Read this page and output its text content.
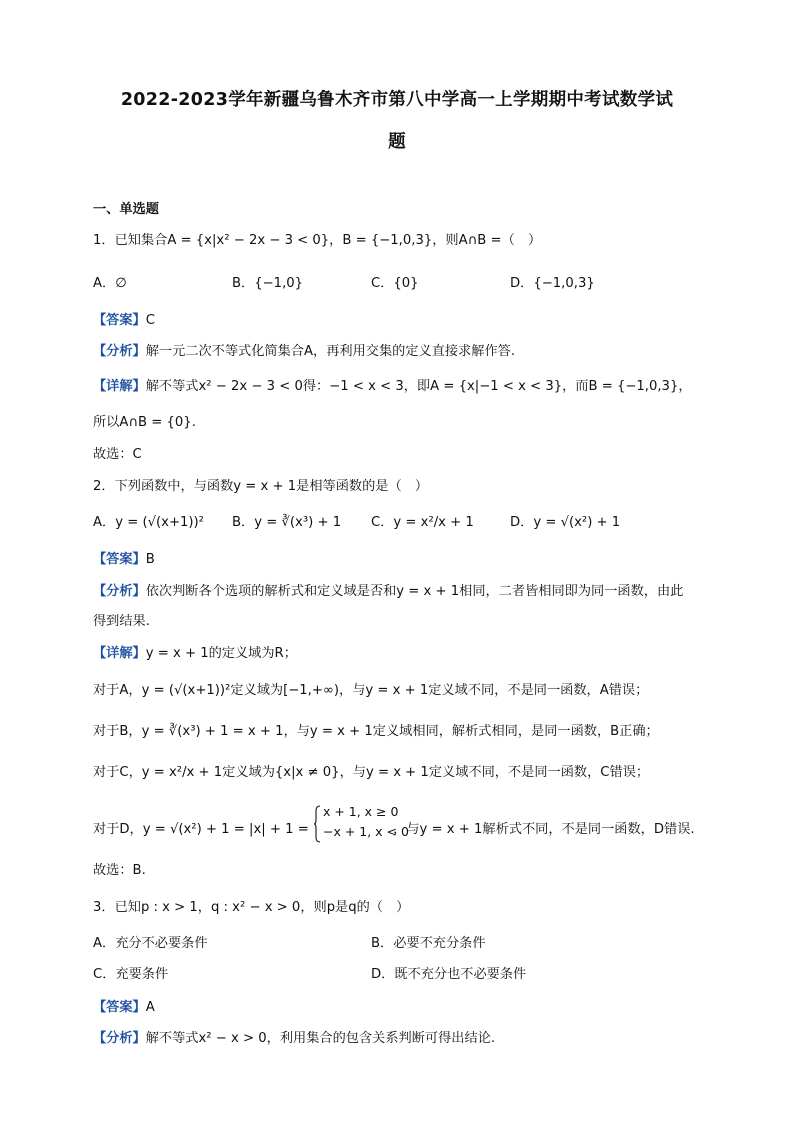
2022-2023学年新疆乌鲁木齐市第八中学高一上学期期中考试数学试
题
一、单选题
1．已知集合A = {x|x² − 2x − 3 < 0}，B = {−1,0,3}，则A∩B =（　）
A．∅	B．{−1,0}	C．{0}	D．{−1,0,3}
【答案】C
【分析】解一元二次不等式化简集合A，再利用交集的定义直接求解作答.
【详解】解不等式x² − 2x − 3 < 0得：−1 < x < 3，即A = {x|−1 < x < 3}，而B = {−1,0,3}，
所以A∩B = {0}.
故选：C
2．下列函数中，与函数y = x + 1是相等函数的是（　）
A．y = (√(x+1))² B．y = ∛(x³) + 1 C．y = x²/x + 1	D．y = √(x²) + 1
【答案】B
【分析】依次判断各个选项的解析式和定义域是否和y = x + 1相同，二者皆相同即为同一函数，由此
得到结果.
【详解】y = x + 1的定义域为R；
对于A，y = (√(x+1))²定义域为[−1,+∞)，与y = x + 1定义域不同，不是同一函数，A错误；
对于B，y = ∛(x³) + 1 = x + 1，与y = x + 1定义域相同，解析式相同，是同一函数，B正确；
对于C，y = x²/x + 1定义域为{x|x ≠ 0}，与y = x + 1定义域不同，不是同一函数，C错误；
对于D，y = √(x²) + 1 = |x| + 1 =
x + 1, x ≥ 0
−x + 1, x < 0
，与y = x + 1解析式不同，不是同一函数，D错误.
故选：B.
3．已知p : x > 1，q : x² − x > 0，则p是q的（　）
A．充分不必要条件	B．必要不充分条件
C．充要条件	D．既不充分也不必要条件
【答案】A
【分析】解不等式x² − x > 0，利用集合的包含关系判断可得出结论.
